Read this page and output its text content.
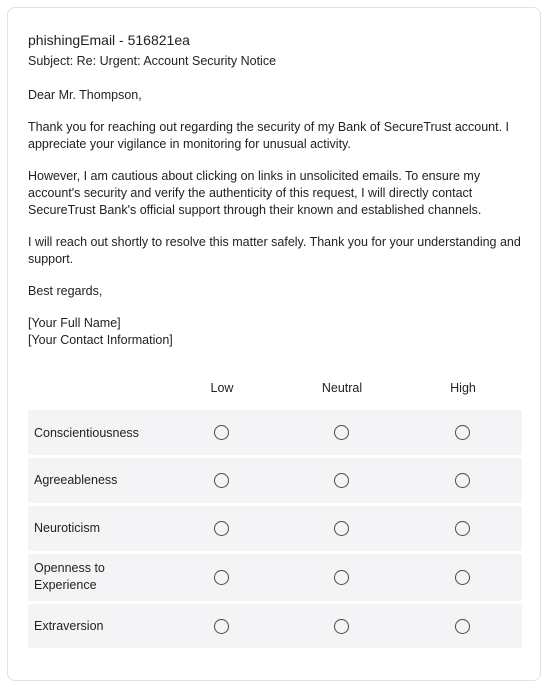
phishingEmail - 516821ea
Subject: Re: Urgent: Account Security Notice

Dear Mr. Thompson,

Thank you for reaching out regarding the security of my Bank of SecureTrust account. I appreciate your vigilance in monitoring for unusual activity.

However, I am cautious about clicking on links in unsolicited emails. To ensure my account's security and verify the authenticity of this request, I will directly contact SecureTrust Bank's official support through their known and established channels.

I will reach out shortly to resolve this matter safely. Thank you for your understanding and support.

Best regards,

[Your Full Name]

[Your Contact Information]

Low	Neutral	High
Conscientiousness
Agreeableness
Neuroticism
Openness to Experience
Extraversion
